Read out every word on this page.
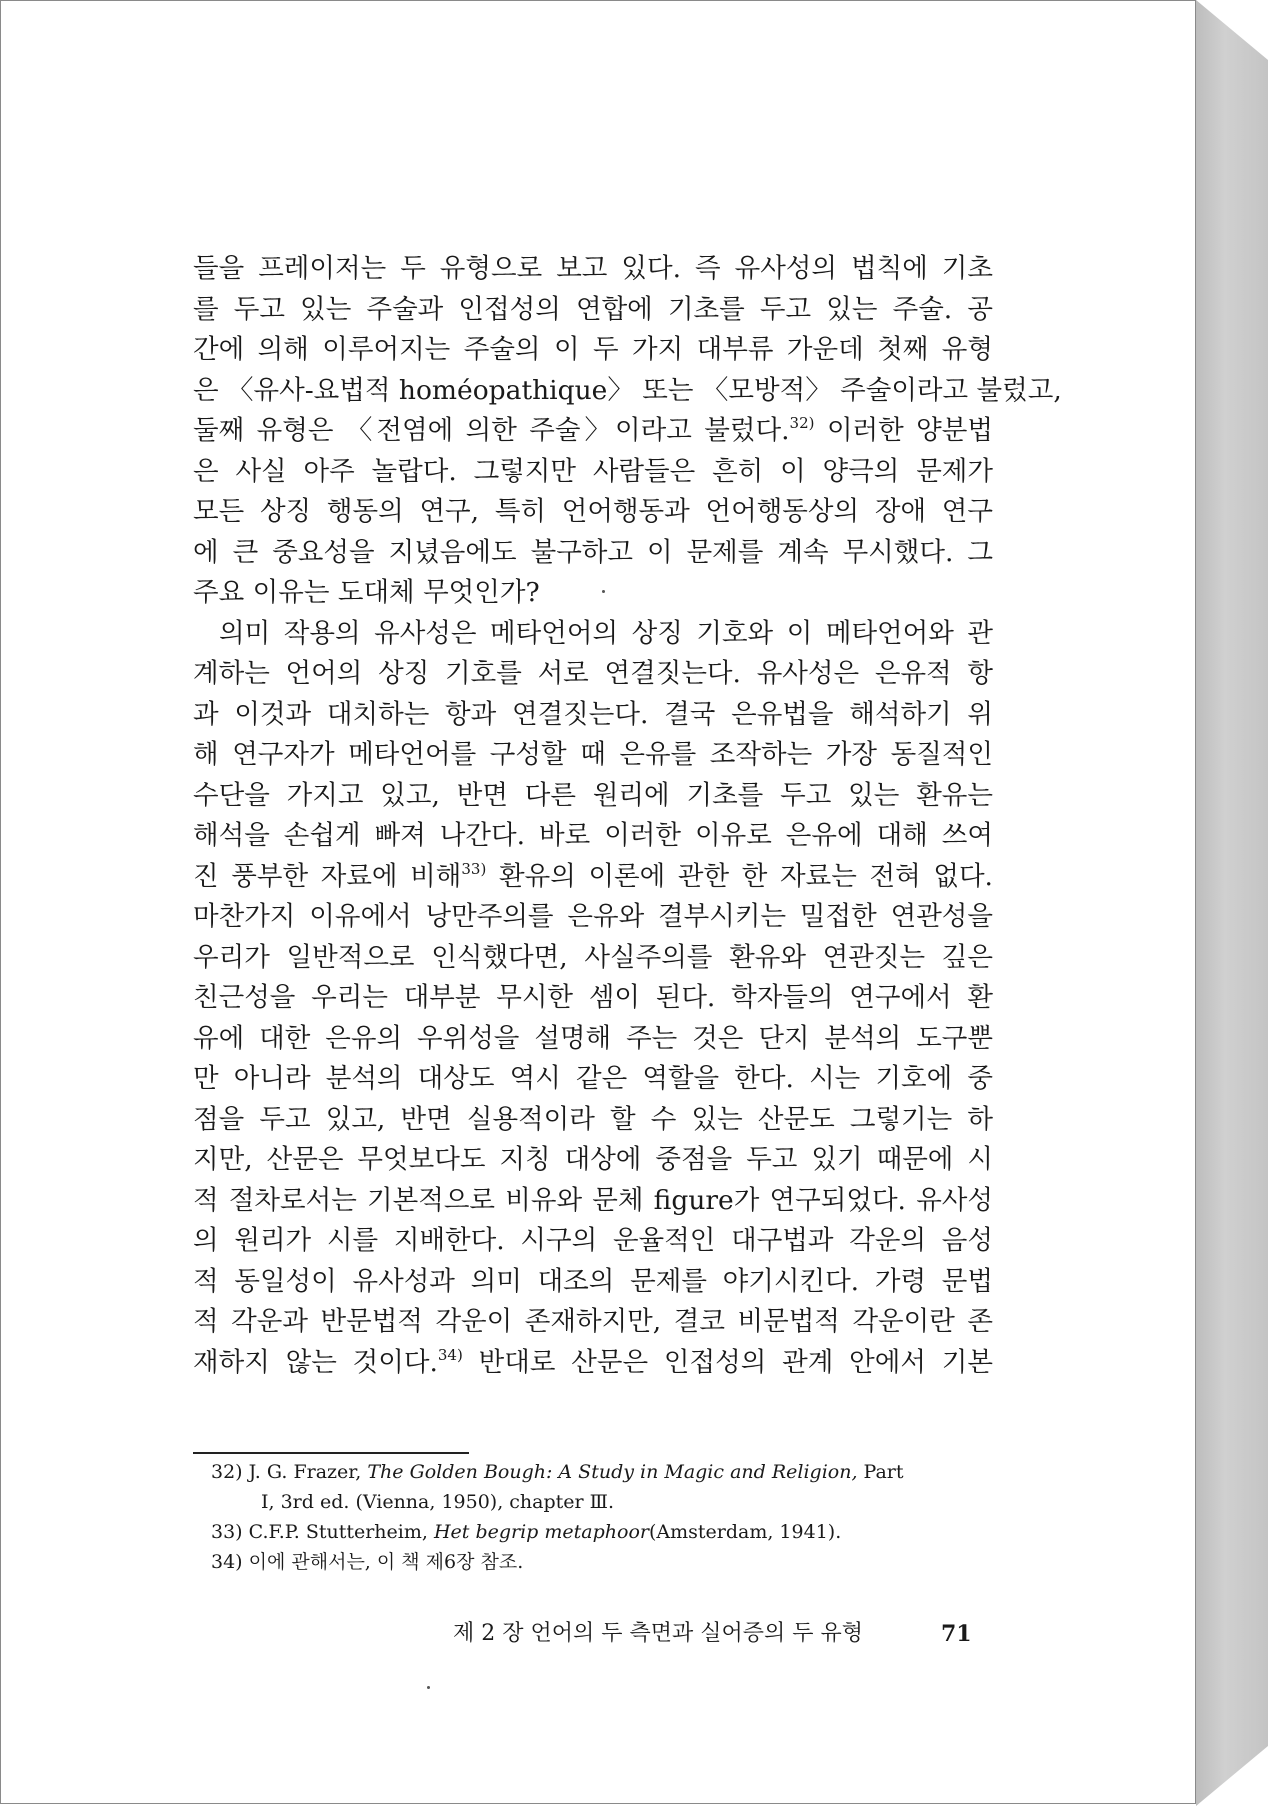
들을 프레이저는 두 유형으로 보고 있다. 즉 유사성의 법칙에 기초
를 두고 있는 주술과 인접성의 연합에 기초를 두고 있는 주술. 공
간에 의해 이루어지는 주술의 이 두 가지 대부류 가운데 첫째 유형
은 〈유사-요법적 homéopathique〉 또는 〈모방적〉 주술이라고 불렀고,
둘째 유형은 〈전염에 의한 주술〉이라고 불렀다.$^{32)}$ 이러한 양분법
은 사실 아주 놀랍다. 그렇지만 사람들은 흔히 이 양극의 문제가
모든 상징 행동의 연구, 특히 언어행동과 언어행동상의 장애 연구
에 큰 중요성을 지녔음에도 불구하고 이 문제를 계속 무시했다. 그
주요 이유는 도대체 무엇인가?
의미 작용의 유사성은 메타언어의 상징 기호와 이 메타언어와 관
계하는 언어의 상징 기호를 서로 연결짓는다. 유사성은 은유적 항
과 이것과 대치하는 항과 연결짓는다. 결국 은유법을 해석하기 위
해 연구자가 메타언어를 구성할 때 은유를 조작하는 가장 동질적인
수단을 가지고 있고, 반면 다른 원리에 기초를 두고 있는 환유는
해석을 손쉽게 빠져 나간다. 바로 이러한 이유로 은유에 대해 쓰여
진 풍부한 자료에 비해$^{33)}$ 환유의 이론에 관한 한 자료는 전혀 없다.
마찬가지 이유에서 낭만주의를 은유와 결부시키는 밀접한 연관성을
우리가 일반적으로 인식했다면, 사실주의를 환유와 연관짓는 깊은
친근성을 우리는 대부분 무시한 셈이 된다. 학자들의 연구에서 환
유에 대한 은유의 우위성을 설명해 주는 것은 단지 분석의 도구뿐
만 아니라 분석의 대상도 역시 같은 역할을 한다. 시는 기호에 중
점을 두고 있고, 반면 실용적이라 할 수 있는 산문도 그렇기는 하
지만, 산문은 무엇보다도 지칭 대상에 중점을 두고 있기 때문에 시
적 절차로서는 기본적으로 비유와 문체 figure가 연구되었다. 유사성
의 원리가 시를 지배한다. 시구의 운율적인 대구법과 각운의 음성
적 동일성이 유사성과 의미 대조의 문제를 야기시킨다. 가령 문법
적 각운과 반문법적 각운이 존재하지만, 결코 비문법적 각운이란 존
재하지 않는 것이다.$^{34)}$ 반대로 산문은 인접성의 관계 안에서 기본
32) J. G. Frazer, The Golden Bough: A Study in Magic and Religion, Part
Ⅰ, 3rd ed. (Vienna, 1950), chapter Ⅲ.
33) C.F.P. Stutterheim, Het begrip metaphoor(Amsterdam, 1941).
34) 이에 관해서는, 이 책 제6장 참조.
제 2 장 언어의 두 측면과 실어증의 두 유형	71
